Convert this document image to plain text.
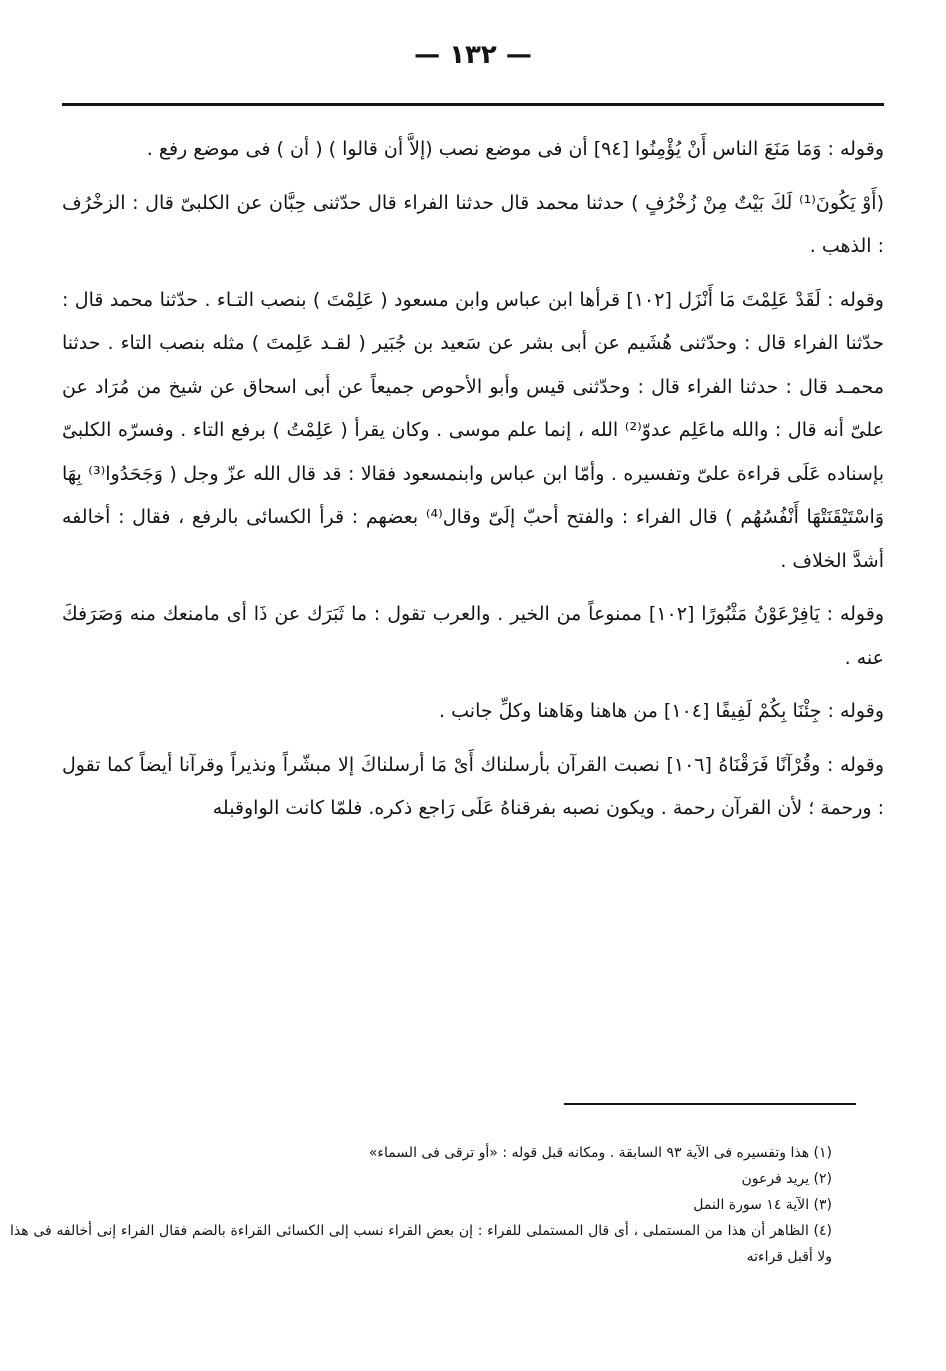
— ١٣٢ —

وقوله : وَمَا مَنَعَ الناس أَنْ يُؤْمِنُوا [٩٤] أن فى موضع نصب (إلاَّ أن قالوا ) ( أن ) فى موضع رفع .

(أَوْ يَكُونَ⁽¹⁾ لَكَ بَيْتٌ مِنْ زُخْرُفٍ ) حدثنا محمد قال حدثنا الفراء قال حدّثنى حِبَّان عن الكلبىّ قال : الزخْرُف : الذهب .

وقوله : لَقَدْ عَلِمْتَ مَا أَنْزَل [١٠٢] قرأها ابن عباس وابن مسعود ( عَلِمْتَ ) بنصب التـاء . حدّثنا محمد قال : حدّثنا الفراء قال : وحدّثنى هُشَيم عن أبى بشر عن سَعيد بن جُبَير ( لقـد عَلِمتَ ) مثله بنصب التاء . حدثنا محمـد قال : حدثنا الفراء قال : وحدّثنى قيس وأبو الأحوص جميعاً عن أبى اسحاق عن شيخ من مُرَاد عن علىّ أنه قال : والله ماعَلِم عدوّ⁽²⁾ الله ، إنما علم موسى . وكان يقرأ ( عَلِمْتُ ) برفع التاء . وفسرّه الكلبىّ بإسناده عَلَى قراءة علىّ وتفسيره . وأمّا ابن عباس وابنمسعود فقالا : قد قال الله عزّ وجل ( وَجَحَدُوا⁽³⁾ بِهَا وَاسْتَيْقَنَتْهَا أَنْفُسُهُم ) قال الفراء : والفتح أحبّ إلَىّ وقال⁽⁴⁾ بعضهم : قرأ الكسائى بالرفع ، فقال : أخالفه أشدَّ الخلاف .

وقوله : يَافِرْعَوْنُ مَثْبُورًا [١٠٢] ممنوعاً من الخير . والعرب تقول : ما ثَبَرَك عن ذَا أى مامنعك منه وَصَرَفكَ عنه .

وقوله : جِئْنَا بِكُمْ لَفِيفًا [١٠٤] من هاهنا وهَاهنا وكلِّ جانب .

وقوله : وقُرْآنًا فَرَقْنَاهُ [١٠٦] نصبت القرآن بأرسلناك أَىْ مَا أرسلناكَ إلا مبشّراً ونذيراً وقرآنا أيضاً كما تقول : ورحمة ؛ لأن القرآن رحمة . ويكون نصبه بفرقناهُ عَلَى رَاجع ذكره. فلمّا كانت الواوقبله

(١) هذا وتفسيره فى الآية ٩٣ السابقة . ومكانه قبل قوله : «أو ترقى فى السماء»

(٢) يريد فرعون

(٣) الآية ١٤ سورة النمل

(٤) الظاهر أن هذا من المستملى ، أى قال المستملى للفراء : إن بعض القراء نسب إلى الكسائى القراءة بالضم فقال الفراء إنى أخالفه فى هذا ولا أقبل قراءته
